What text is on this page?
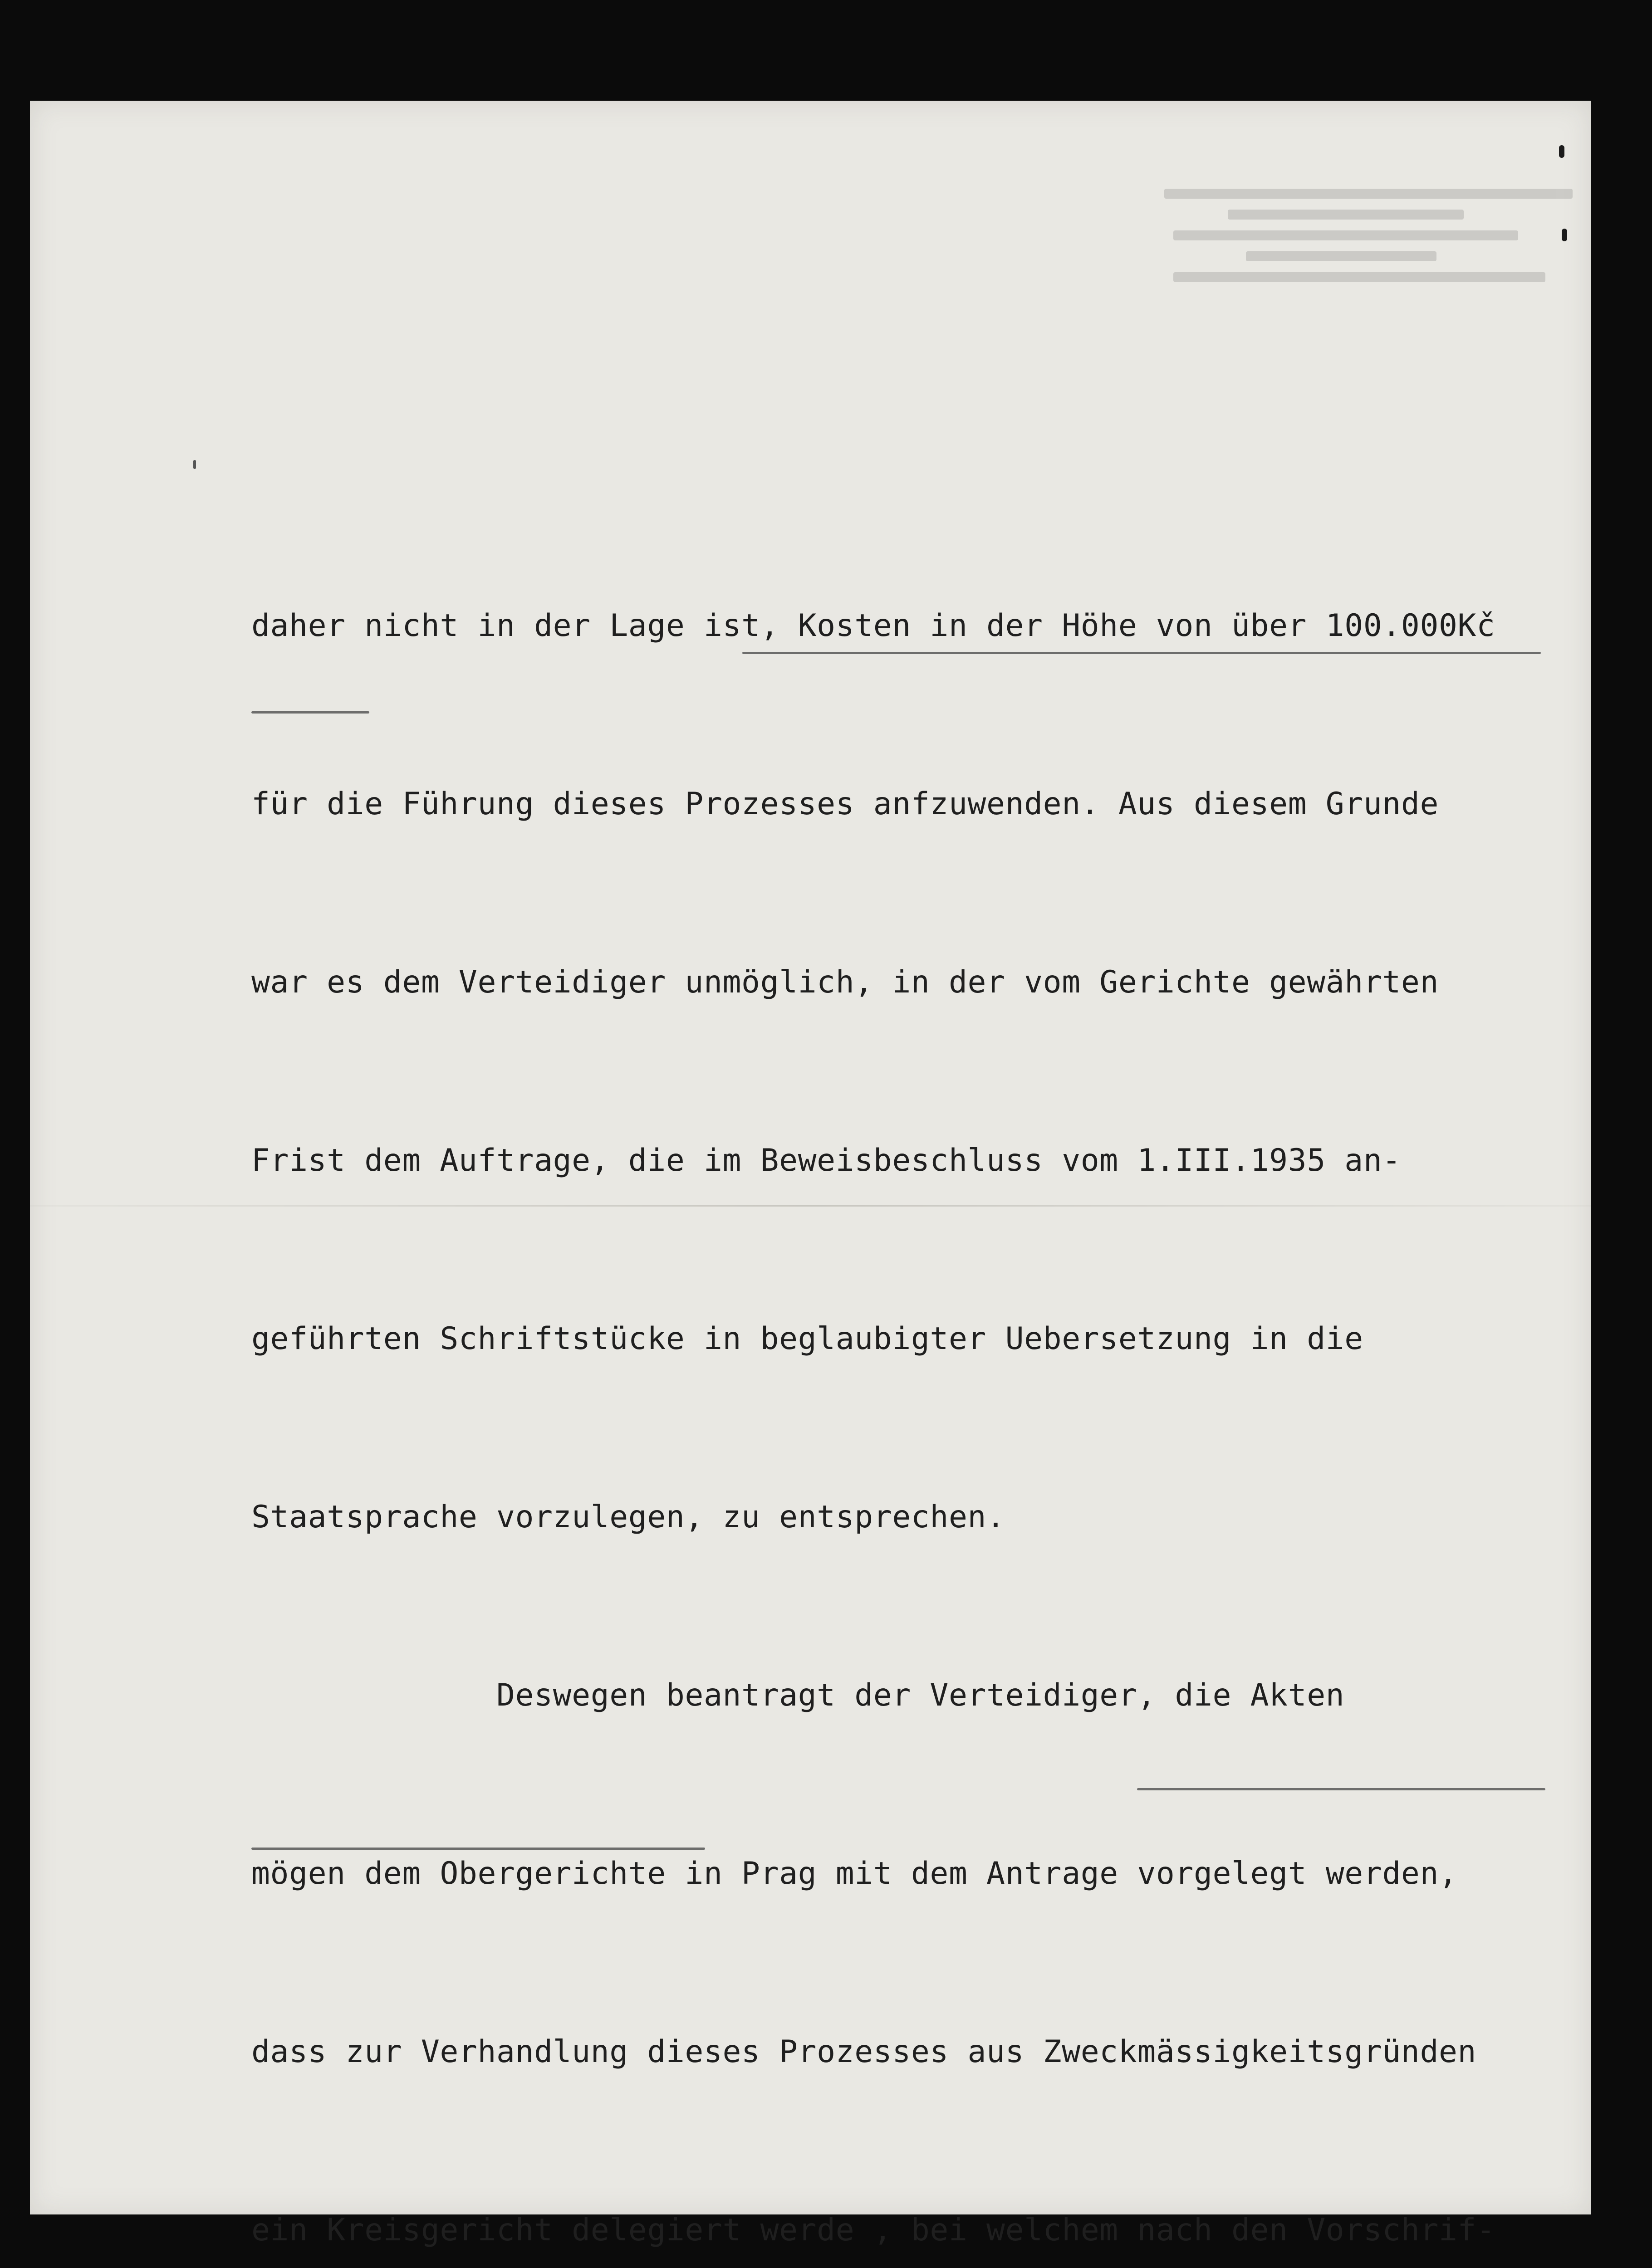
daher nicht in der Lage ist, Kosten in der Höhe von über 100.000Kč

für die Führung dieses Prozesses anfzuwenden. Aus diesem Grunde

war es dem Verteidiger unmöglich, in der vom Gerichte gewährten

Frist dem Auftrage, die im Beweisbeschluss vom 1.III.1935 an-

geführten Schriftstücke in beglaubigter Uebersetzung in die

Staatsprache vorzulegen, zu entsprechen.

Deswegen beantragt der Verteidiger, die Akten

mögen dem Obergerichte in Prag mit dem Antrage vorgelegt werden,

dass zur Verhandlung dieses Prozesses aus Zweckmässigkeitsgründen

ein Kreisgericht delegiert werde , bei welchem nach den Vorschrif-
